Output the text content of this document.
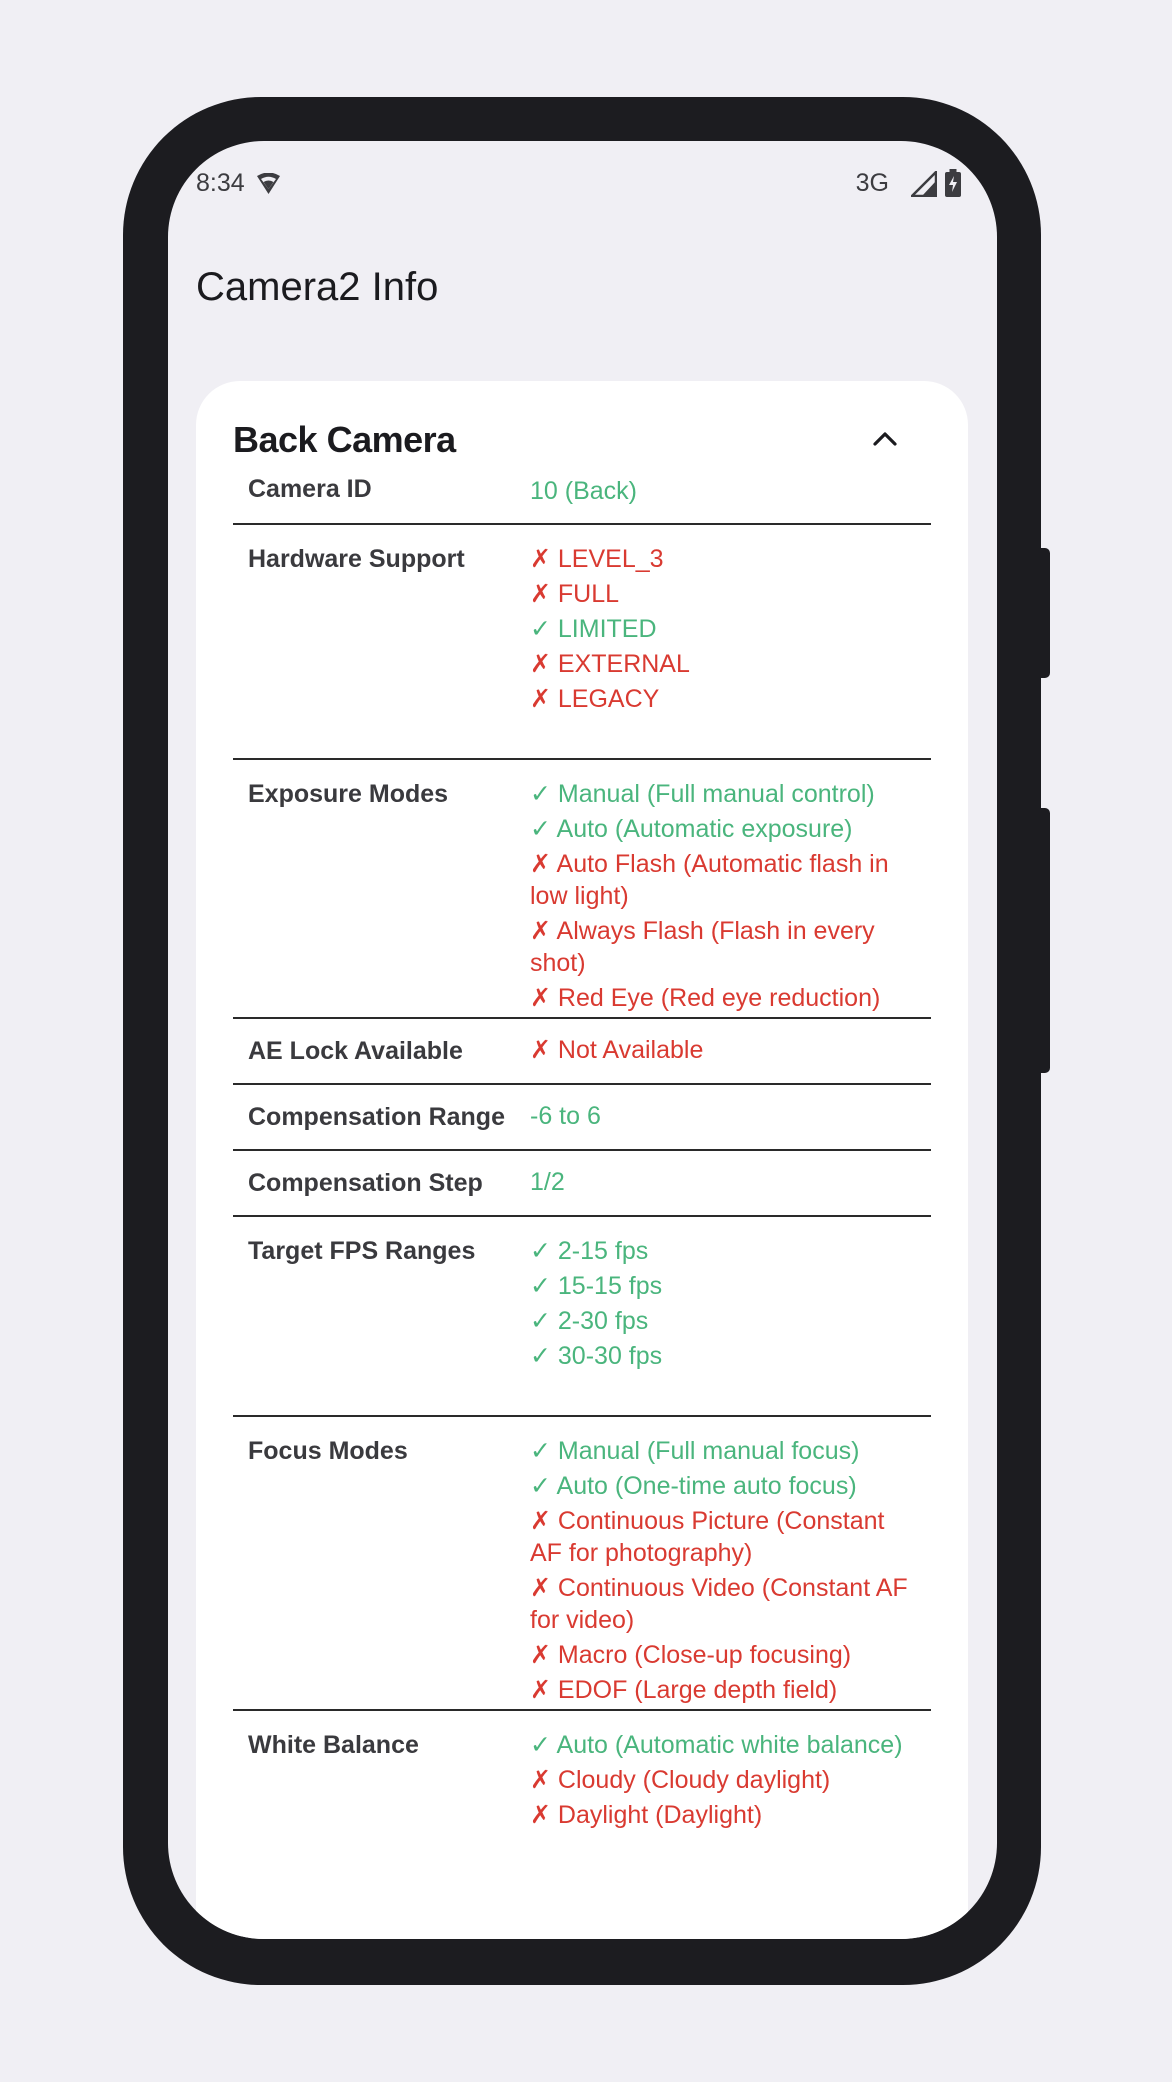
8:34	3G
Camera2 Info
Back Camera
Camera ID	10 (Back)
Hardware Support	✗ LEVEL_3
✗ FULL
✓ LIMITED
✗ EXTERNAL
✗ LEGACY
Exposure Modes	✓ Manual (Full manual control)
✓ Auto (Automatic exposure)
✗ Auto Flash (Automatic flash in low light)
✗ Always Flash (Flash in every shot)
✗ Red Eye (Red eye reduction)
AE Lock Available	✗ Not Available
Compensation Range	-6 to 6
Compensation Step	1/2
Target FPS Ranges	✓ 2-15 fps
✓ 15-15 fps
✓ 2-30 fps
✓ 30-30 fps
Focus Modes	✓ Manual (Full manual focus)
✓ Auto (One-time auto focus)
✗ Continuous Picture (Constant AF for photography)
✗ Continuous Video (Constant AF for video)
✗ Macro (Close-up focusing)
✗ EDOF (Large depth field)
White Balance	✓ Auto (Automatic white balance)
✗ Cloudy (Cloudy daylight)
✗ Daylight (Daylight)
